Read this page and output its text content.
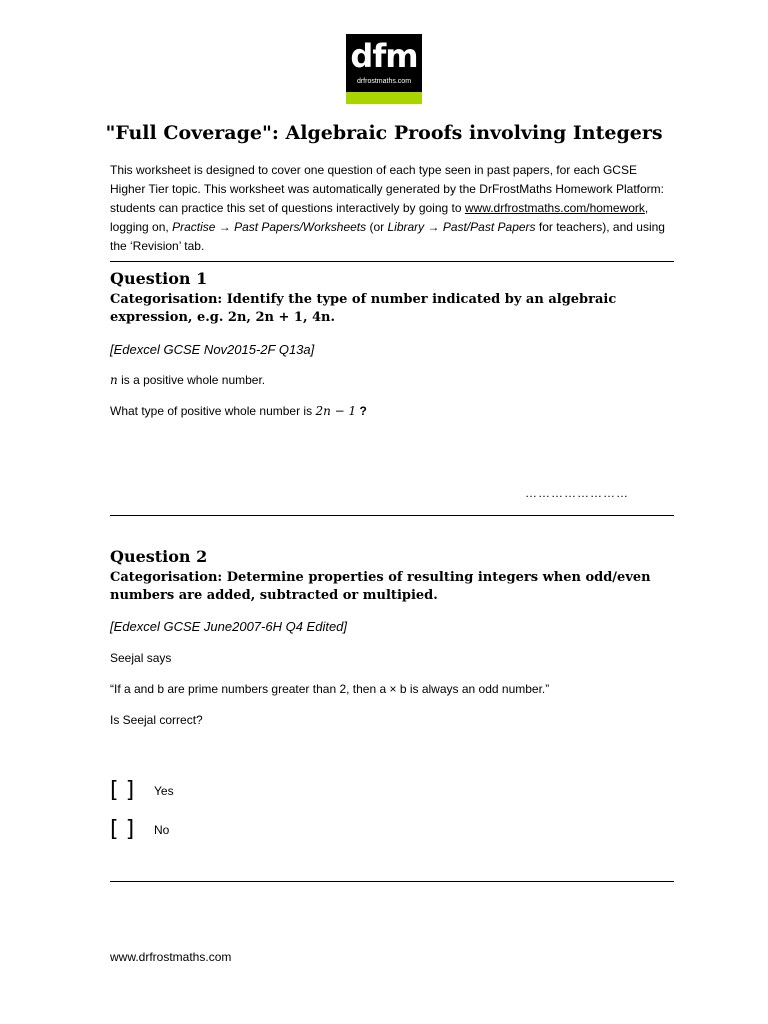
dfm
drfrostmaths.com
"Full Coverage": Algebraic Proofs involving Integers
This worksheet is designed to cover one question of each type seen in past papers, for each GCSE Higher Tier topic. This worksheet was automatically generated by the DrFrostMaths Homework Platform: students can practice this set of questions interactively by going to www.drfrostmaths.com/homework, logging on, Practise → Past Papers/Worksheets (or Library → Past/Past Papers for teachers), and using the ‘Revision’ tab.
Question 1
Categorisation: Identify the type of number indicated by an algebraic expression, e.g. 2n, 2n + 1, 4n.
[Edexcel GCSE Nov2015-2F Q13a]
n is a positive whole number.
What type of positive whole number is 2n − 1 ?
……………………
Question 2
Categorisation: Determine properties of resulting integers when odd/even numbers are added, subtracted or multipied.
[Edexcel GCSE June2007-6H Q4 Edited]
Seejal says
“If a and b are prime numbers greater than 2, then a × b is always an odd number.”
Is Seejal correct?
[ ] Yes
[ ] No
www.drfrostmaths.com
